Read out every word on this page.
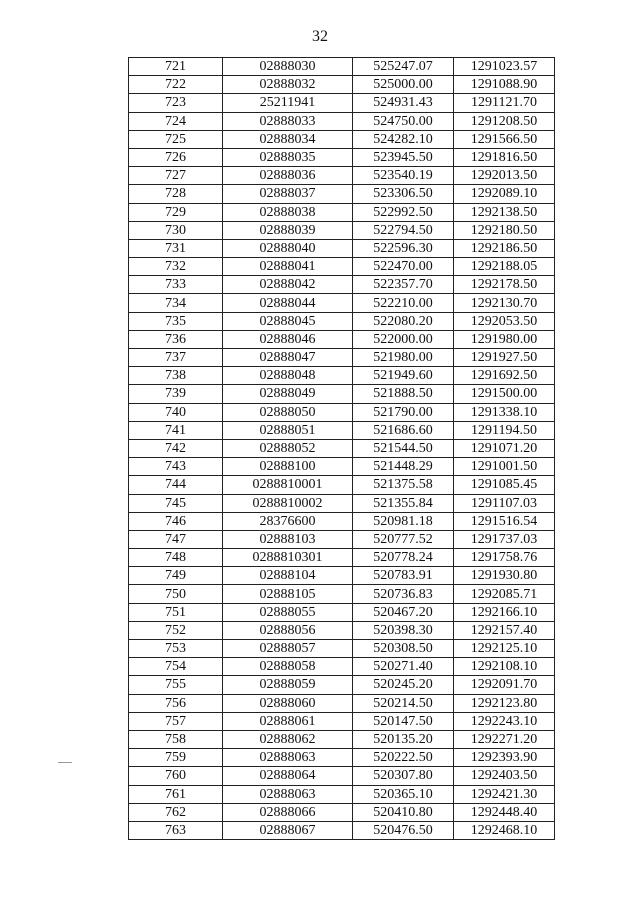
32
721	02888030	525247.07	1291023.57
722	02888032	525000.00	1291088.90
723	25211941	524931.43	1291121.70
724	02888033	524750.00	1291208.50
725	02888034	524282.10	1291566.50
726	02888035	523945.50	1291816.50
727	02888036	523540.19	1292013.50
728	02888037	523306.50	1292089.10
729	02888038	522992.50	1292138.50
730	02888039	522794.50	1292180.50
731	02888040	522596.30	1292186.50
732	02888041	522470.00	1292188.05
733	02888042	522357.70	1292178.50
734	02888044	522210.00	1292130.70
735	02888045	522080.20	1292053.50
736	02888046	522000.00	1291980.00
737	02888047	521980.00	1291927.50
738	02888048	521949.60	1291692.50
739	02888049	521888.50	1291500.00
740	02888050	521790.00	1291338.10
741	02888051	521686.60	1291194.50
742	02888052	521544.50	1291071.20
743	02888100	521448.29	1291001.50
744	0288810001	521375.58	1291085.45
745	0288810002	521355.84	1291107.03
746	28376600	520981.18	1291516.54
747	02888103	520777.52	1291737.03
748	0288810301	520778.24	1291758.76
749	02888104	520783.91	1291930.80
750	02888105	520736.83	1292085.71
751	02888055	520467.20	1292166.10
752	02888056	520398.30	1292157.40
753	02888057	520308.50	1292125.10
754	02888058	520271.40	1292108.10
755	02888059	520245.20	1292091.70
756	02888060	520214.50	1292123.80
757	02888061	520147.50	1292243.10
758	02888062	520135.20	1292271.20
759	02888063	520222.50	1292393.90
760	02888064	520307.80	1292403.50
761	02888063	520365.10	1292421.30
762	02888066	520410.80	1292448.40
763	02888067	520476.50	1292468.10
